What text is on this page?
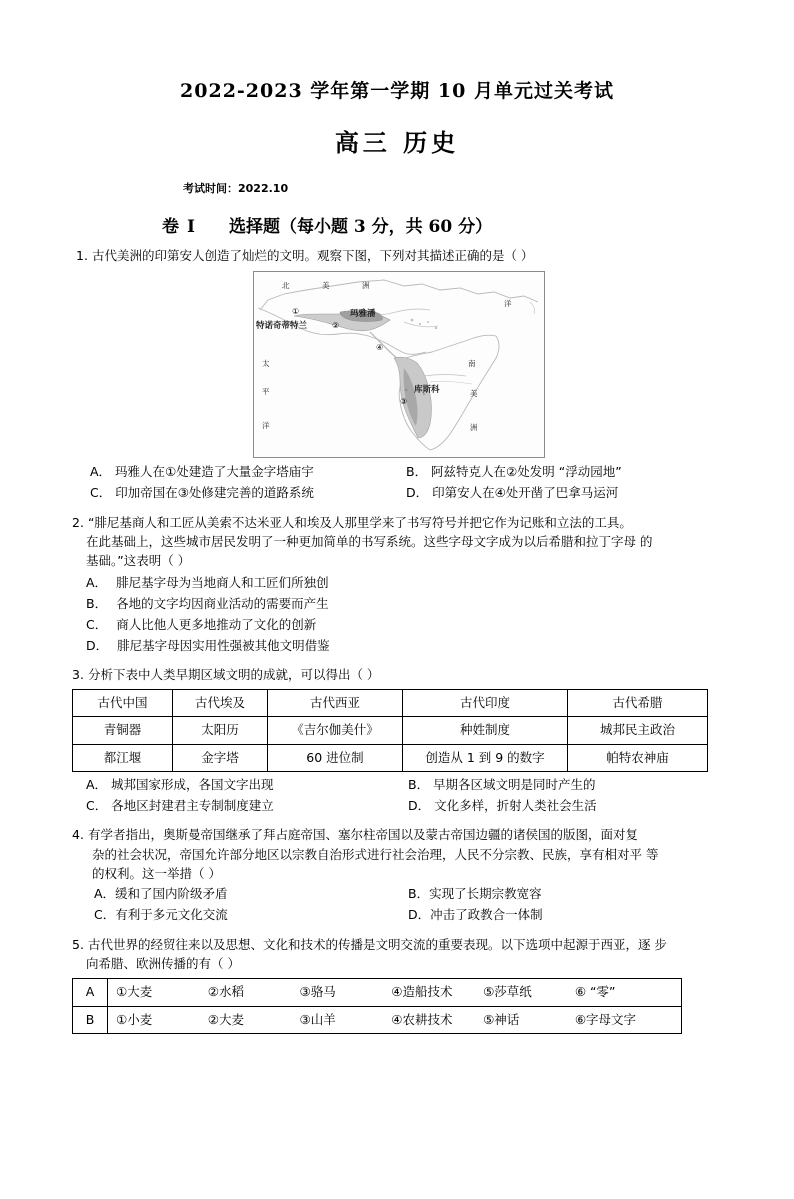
2022-2023 学年第一学期 10 月单元过关考试
高三 历史
考试时间：2022.10
卷 Ⅰ 选择题（每小题 3 分，共 60 分）
1. 古代美洲的印第安人创造了灿烂的文明。观察下图，下列对其描述正确的是（ ）
北	美	洲
南
美
洲
洋
太
平
洋
特诺奇蒂特兰
①	玛雅潘
②
库斯科
③
④
A． 玛雅人在①处建造了大量金字塔庙宇	B． 阿兹特克人在②处发明 “浮动园地”
C． 印加帝国在③处修建完善的道路系统	D． 印第安人在④处开凿了巴拿马运河
2. “腓尼基商人和工匠从美索不达米亚人和埃及人那里学来了书写符号并把它作为记账和立法的工具。
在此基础上，这些城市居民发明了一种更加简单的书写系统。这些字母文字成为以后希腊和拉丁字母 的
基础。”这表明（ ）
A． 腓尼基字母为当地商人和工匠们所独创
B． 各地的文字均因商业活动的需要而产生
C． 商人比他人更多地推动了文化的创新
D． 腓尼基字母因实用性强被其他文明借鉴
3. 分析下表中人类早期区域文明的成就，可以得出（ ）
古代中国	古代埃及	古代西亚	古代印度	古代希腊
青铜器	太阳历	《吉尔伽美什》	种姓制度	城邦民主政治
都江堰	金字塔	60 进位制	创造从 1 到 9 的数字	帕特农神庙
A． 城邦国家形成，各国文字出现	B． 早期各区域文明是同时产生的
C． 各地区封建君主专制制度建立	D． 文化多样，折射人类社会生活
4. 有学者指出，奥斯曼帝国继承了拜占庭帝国、塞尔柱帝国以及蒙古帝国边疆的诸侯国的版图，面对复
杂的社会状况，帝国允许部分地区以宗教自治形式进行社会治理，人民不分宗教、民族，享有相对平 等
的权利。这一举措（ ）
A．缓和了国内阶级矛盾	B．实现了长期宗教宽容
C．有利于多元文化交流	D．冲击了政教合一体制
5. 古代世界的经贸往来以及思想、文化和技术的传播是文明交流的重要表现。以下选项中起源于西亚，逐 步
向希腊、欧洲传播的有（ ）
A	①大麦	②水稻	③骆马	④造船技术	⑤莎草纸	⑥ “零”

B	①小麦	②大麦	③山羊	④农耕技术	⑤神话	⑥字母文字
